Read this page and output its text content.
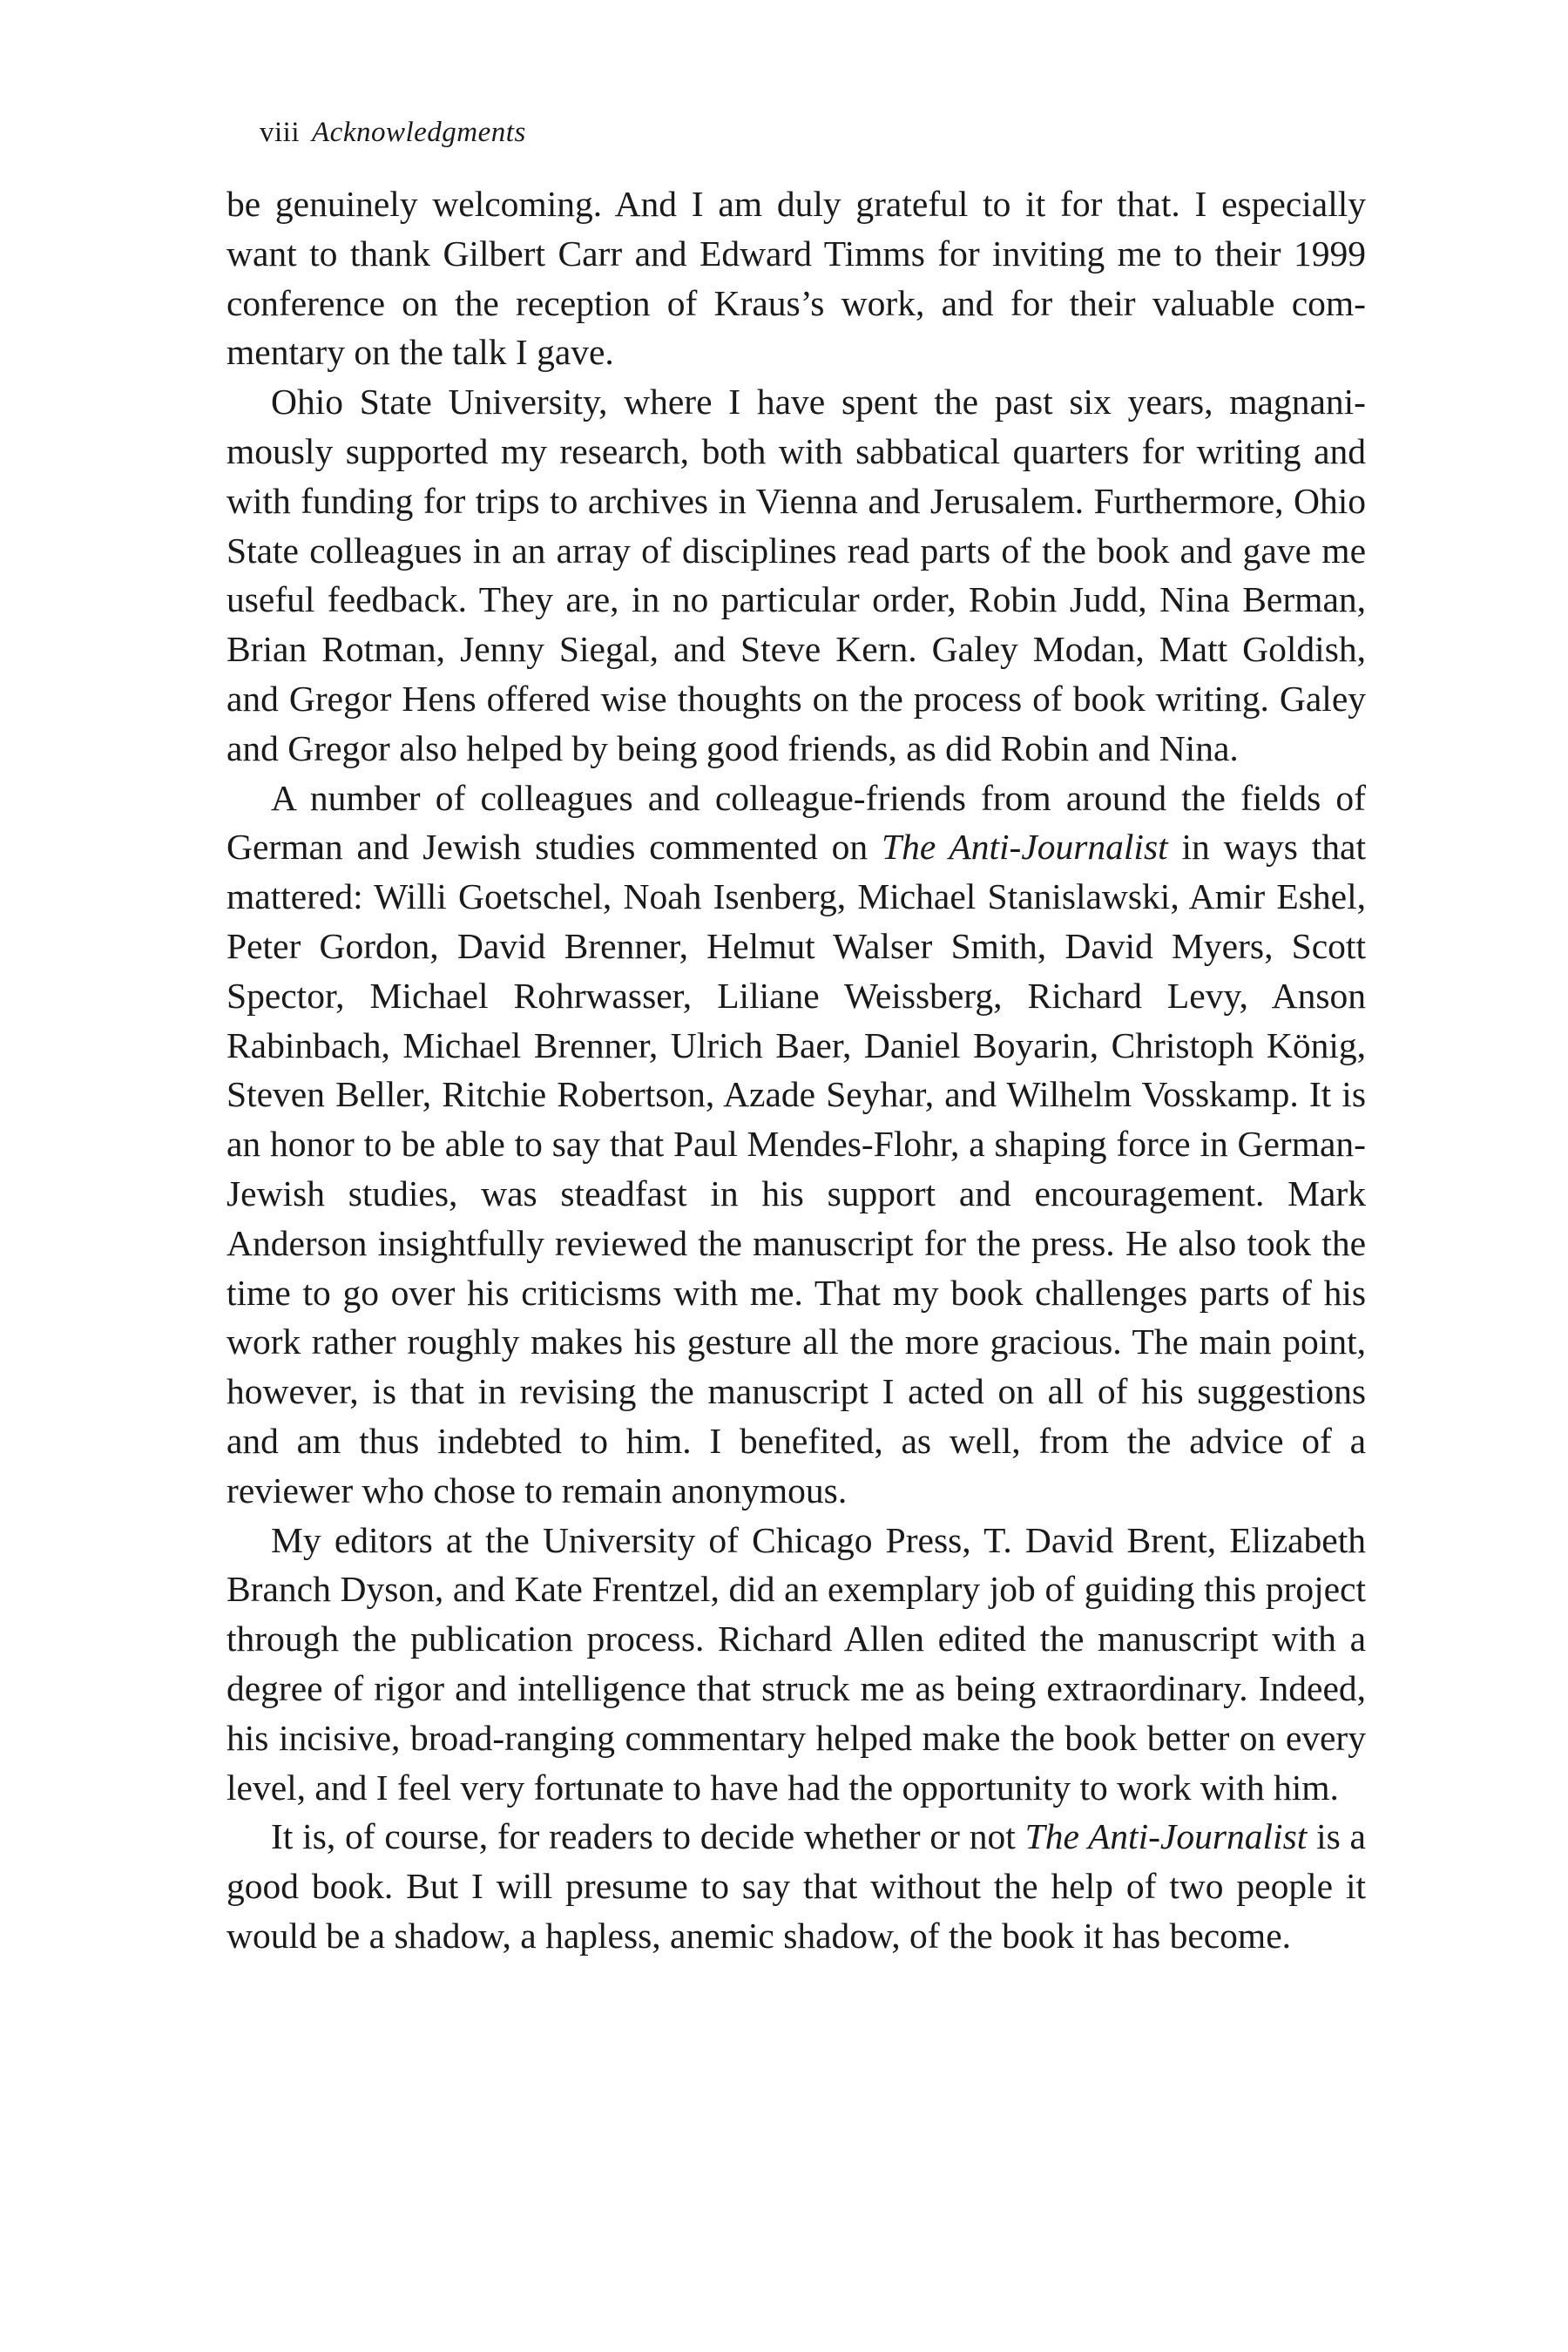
viii Acknowledgments

be genuinely welcoming. And I am duly grateful to it for that. I especially want to thank Gilbert Carr and Edward Timms for inviting me to their 1999 conference on the reception of Kraus’s work, and for their valuable commentary on the talk I gave.

Ohio State University, where I have spent the past six years, magnanimously supported my research, both with sabbatical quarters for writing and with funding for trips to archives in Vienna and Jerusalem. Furthermore, Ohio State colleagues in an array of disciplines read parts of the book and gave me useful feedback. They are, in no particular order, Robin Judd, Nina Berman, Brian Rotman, Jenny Siegal, and Steve Kern. Galey Modan, Matt Goldish, and Gregor Hens offered wise thoughts on the process of book writing. Galey and Gregor also helped by being good friends, as did Robin and Nina.

A number of colleagues and colleague-friends from around the fields of German and Jewish studies commented on The Anti-Journalist in ways that mattered: Willi Goetschel, Noah Isenberg, Michael Stanislawski, Amir Eshel, Peter Gordon, David Brenner, Helmut Walser Smith, David Myers, Scott Spector, Michael Rohrwasser, Liliane Weissberg, Richard Levy, Anson Rabinbach, Michael Brenner, Ulrich Baer, Daniel Boyarin, Christoph König, Steven Beller, Ritchie Robertson, Azade Seyhar, and Wilhelm Vosskamp. It is an honor to be able to say that Paul Mendes-Flohr, a shaping force in German-Jewish studies, was steadfast in his support and encouragement. Mark Anderson insightfully reviewed the manuscript for the press. He also took the time to go over his criticisms with me. That my book challenges parts of his work rather roughly makes his gesture all the more gracious. The main point, however, is that in revising the manuscript I acted on all of his suggestions and am thus indebted to him. I benefited, as well, from the advice of a reviewer who chose to remain anonymous.

My editors at the University of Chicago Press, T. David Brent, Elizabeth Branch Dyson, and Kate Frentzel, did an exemplary job of guiding this project through the publication process. Richard Allen edited the manuscript with a degree of rigor and intelligence that struck me as being extraordinary. Indeed, his incisive, broad-ranging commentary helped make the book better on every level, and I feel very fortunate to have had the opportunity to work with him.

It is, of course, for readers to decide whether or not The Anti-Journalist is a good book. But I will presume to say that without the help of two people it would be a shadow, a hapless, anemic shadow, of the book it has become.
